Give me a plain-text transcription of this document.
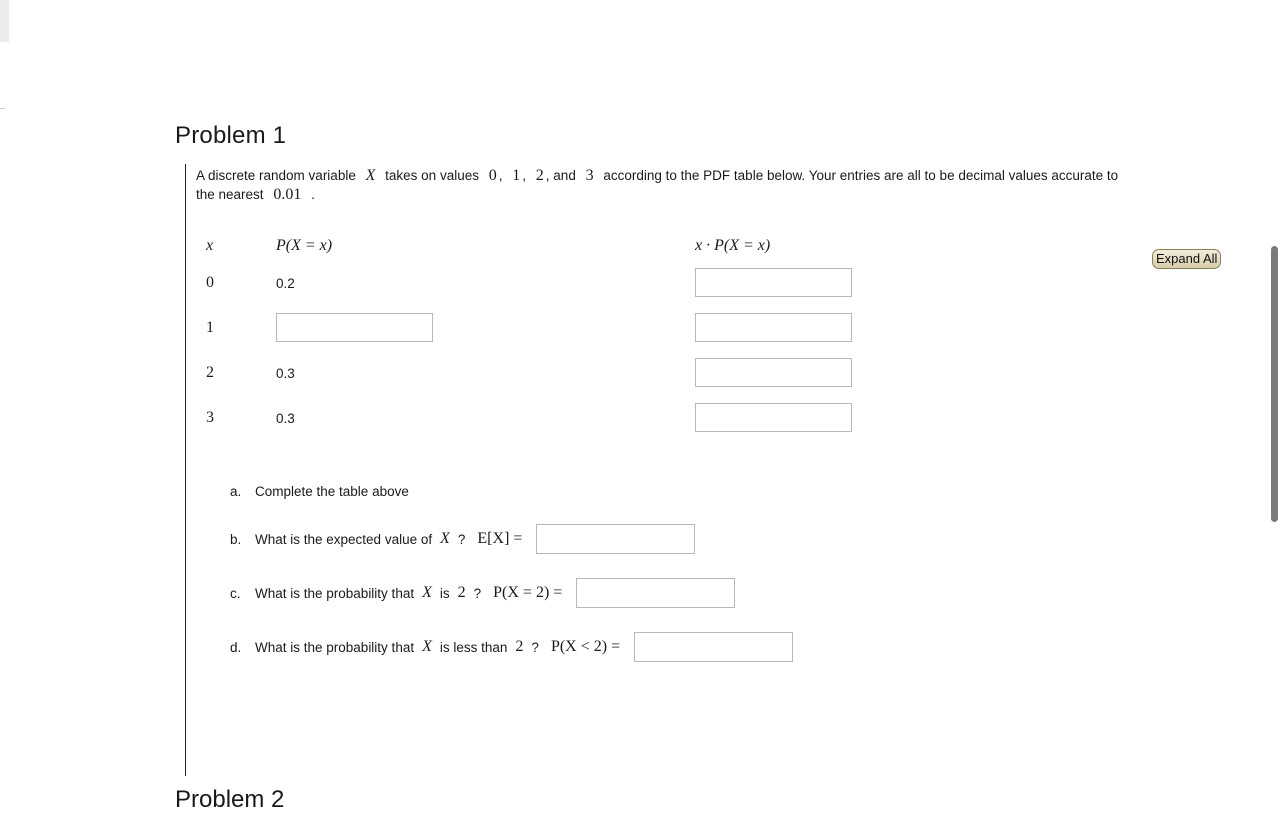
Problem 1
A discrete random variable X takes on values 0 , 1 , 2 , and 3 according to the PDF table below. Your entries are all to be decimal values accurate to the nearest 0.01 .
x	P(X = x)	x · P(X = x)
0	0.2
1
2	0.3
3	0.3
a.	Complete the table above
b.	What is the expected value of X ? E[X] =
c.	What is the probability that X is 2 ? P(X = 2) =
d.	What is the probability that X is less than 2 ? P(X < 2) =
Expand All
Problem 2
